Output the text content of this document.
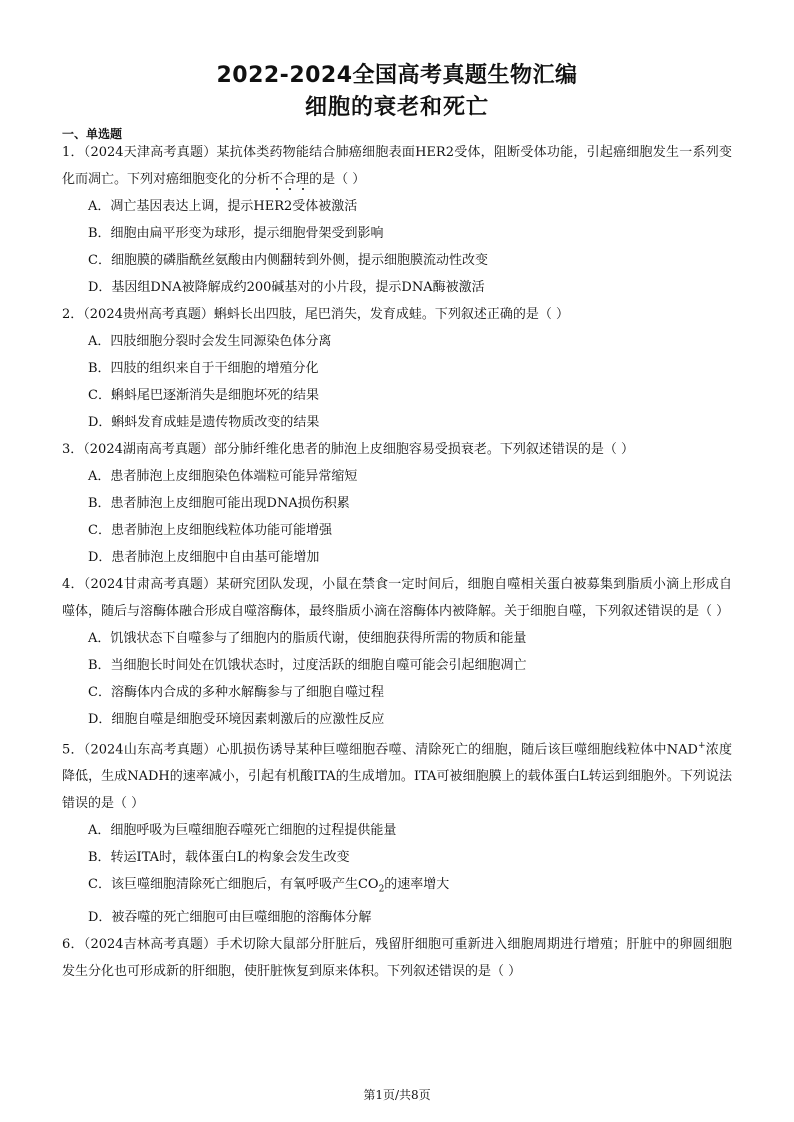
2022-2024全国高考真题生物汇编
细胞的衰老和死亡
一、单选题

1．（2024天津高考真题）某抗体类药物能结合肺癌细胞表面HER2受体，阻断受体功能，引起癌细胞发生一系列变化而凋亡。下列对癌细胞变化的分析不合理的是（ ）

A．凋亡基因表达上调，提示HER2受体被激活

B．细胞由扁平形变为球形，提示细胞骨架受到影响

C．细胞膜的磷脂酰丝氨酸由内侧翻转到外侧，提示细胞膜流动性改变

D．基因组DNA被降解成约200碱基对的小片段，提示DNA酶被激活

2．（2024贵州高考真题）蝌蚪长出四肢，尾巴消失，发育成蛙。下列叙述正确的是（ ）

A．四肢细胞分裂时会发生同源染色体分离

B．四肢的组织来自于干细胞的增殖分化

C．蝌蚪尾巴逐渐消失是细胞坏死的结果

D．蝌蚪发育成蛙是遗传物质改变的结果

3．（2024湖南高考真题）部分肺纤维化患者的肺泡上皮细胞容易受损衰老。下列叙述错误的是（ ）

A．患者肺泡上皮细胞染色体端粒可能异常缩短

B．患者肺泡上皮细胞可能出现DNA损伤积累

C．患者肺泡上皮细胞线粒体功能可能增强

D．患者肺泡上皮细胞中自由基可能增加

4．（2024甘肃高考真题）某研究团队发现，小鼠在禁食一定时间后，细胞自噬相关蛋白被募集到脂质小滴上形成自噬体，随后与溶酶体融合形成自噬溶酶体，最终脂质小滴在溶酶体内被降解。关于细胞自噬，下列叙述错误的是（ ）

A．饥饿状态下自噬参与了细胞内的脂质代谢，使细胞获得所需的物质和能量

B．当细胞长时间处在饥饿状态时，过度活跃的细胞自噬可能会引起细胞凋亡

C．溶酶体内合成的多种水解酶参与了细胞自噬过程

D．细胞自噬是细胞受环境因素刺激后的应激性反应

5．（2024山东高考真题）心肌损伤诱导某种巨噬细胞吞噬、清除死亡的细胞，随后该巨噬细胞线粒体中NAD+浓度降低，生成NADH的速率减小，引起有机酸ITA的生成增加。ITA可被细胞膜上的载体蛋白L转运到细胞外。下列说法错误的是（ ）

A．细胞呼吸为巨噬细胞吞噬死亡细胞的过程提供能量

B．转运ITA时，载体蛋白L的构象会发生改变

C．该巨噬细胞清除死亡细胞后，有氧呼吸产生$CO_2$的速率增大

D．被吞噬的死亡细胞可由巨噬细胞的溶酶体分解

6．（2024吉林高考真题）手术切除大鼠部分肝脏后，残留肝细胞可重新进入细胞周期进行增殖；肝脏中的卵圆细胞发生分化也可形成新的肝细胞，使肝脏恢复到原来体积。下列叙述错误的是（ ）

第1页/共8页
